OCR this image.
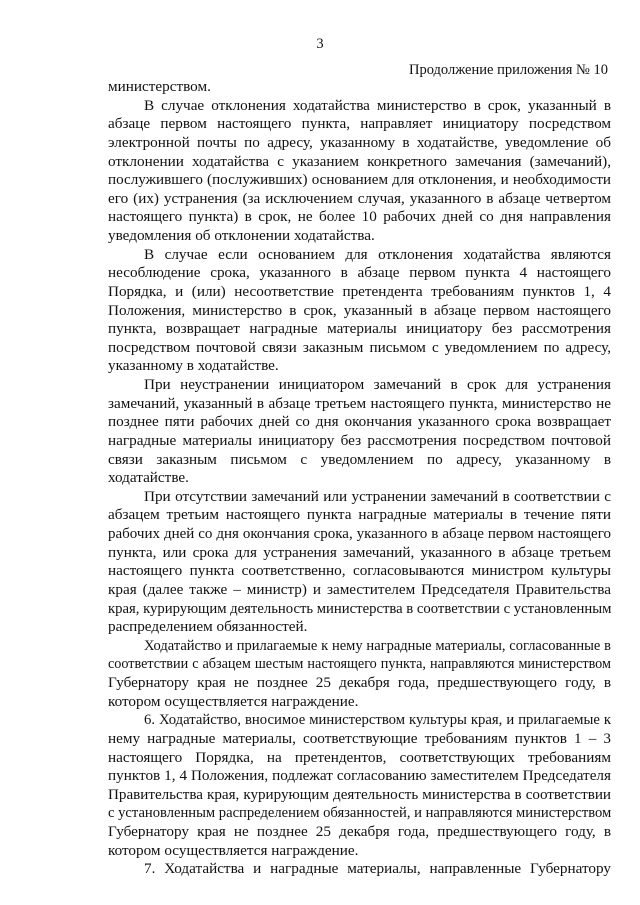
3
Продолжение приложения № 10
министерством.
В случае отклонения ходатайства министерство в срок, указанный в
абзаце первом настоящего пункта, направляет инициатору посредством
электронной почты по адресу, указанному в ходатайстве, уведомление об
отклонении ходатайства с указанием конкретного замечания (замечаний),
послужившего (послуживших) основанием для отклонения, и необходимости
его (их) устранения (за исключением случая, указанного в абзаце четвертом
настоящего пункта) в срок, не более 10 рабочих дней со дня направления
уведомления об отклонении ходатайства.
В случае если основанием для отклонения ходатайства являются
несоблюдение срока, указанного в абзаце первом пункта 4 настоящего
Порядка, и (или) несоответствие претендента требованиям пунктов 1, 4
Положения, министерство в срок, указанный в абзаце первом настоящего
пункта, возвращает наградные материалы инициатору без рассмотрения
посредством почтовой связи заказным письмом с уведомлением по адресу,
указанному в ходатайстве.
При неустранении инициатором замечаний в срок для устранения
замечаний, указанный в абзаце третьем настоящего пункта, министерство не
позднее пяти рабочих дней со дня окончания указанного срока возвращает
наградные материалы инициатору без рассмотрения посредством почтовой
связи заказным письмом с уведомлением по адресу, указанному в
ходатайстве.
При отсутствии замечаний или устранении замечаний в соответствии с
абзацем третьим настоящего пункта наградные материалы в течение пяти
рабочих дней со дня окончания срока, указанного в абзаце первом настоящего
пункта, или срока для устранения замечаний, указанного в абзаце третьем
настоящего пункта соответственно, согласовываются министром культуры
края (далее также – министр) и заместителем Председателя Правительства
края, курирующим деятельность министерства в соответствии с установленным
распределением обязанностей.
Ходатайство и прилагаемые к нему наградные материалы, согласованные в
соответствии с абзацем шестым настоящего пункта, направляются министерством
Губернатору края не позднее 25 декабря года, предшествующего году, в
котором осуществляется награждение.
6. Ходатайство, вносимое министерством культуры края, и прилагаемые к
нему наградные материалы, соответствующие требованиям пунктов 1 – 3
настоящего Порядка, на претендентов, соответствующих требованиям
пунктов 1, 4 Положения, подлежат согласованию заместителем Председателя
Правительства края, курирующим деятельность министерства в соответствии
с установленным распределением обязанностей, и направляются министерством
Губернатору края не позднее 25 декабря года, предшествующего году, в
котором осуществляется награждение.
7. Ходатайства и наградные материалы, направленные Губернатору
